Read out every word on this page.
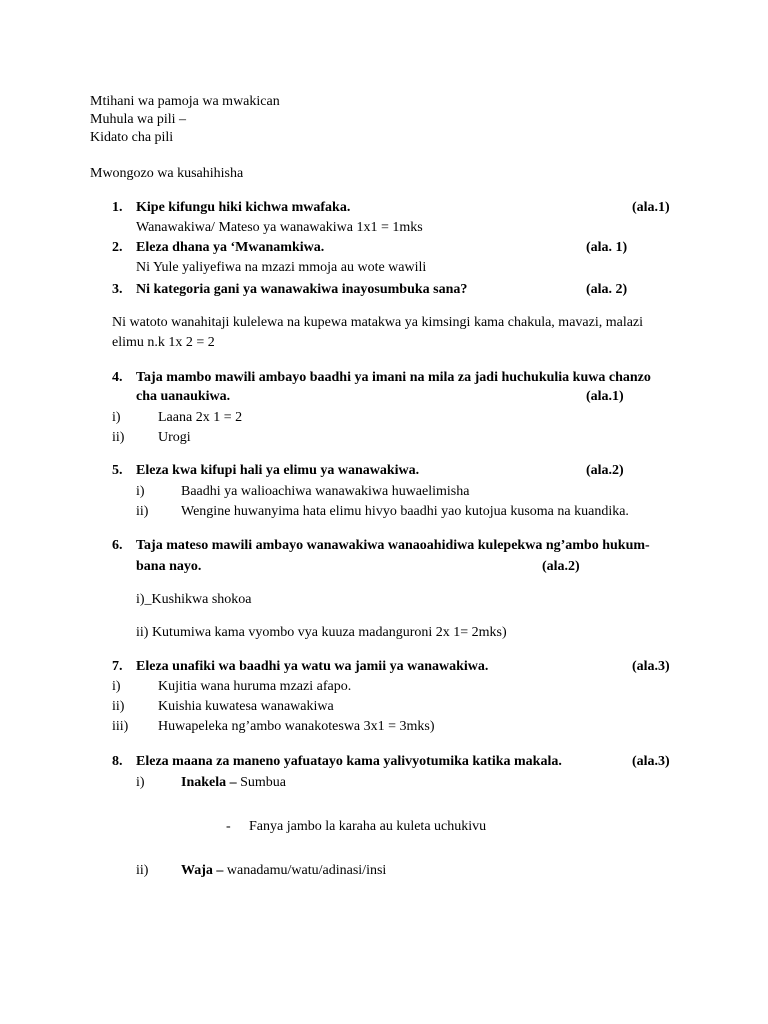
Mtihani wa pamoja wa mwakican
Muhula wa pili –
Kidato cha pili
Mwongozo wa kusahihisha
1. Kipe kifungu hiki kichwa mwafaka.	(ala.1)
Wanawakiwa/ Mateso ya wanawakiwa 1x1 = 1mks
2. Eleza dhana ya ‘Mwanamkiwa.	(ala. 1)
Ni Yule yaliyefiwa na mzazi mmoja au wote wawili
3. Ni kategoria gani ya wanawakiwa inayosumbuka sana?	(ala. 2)
Ni watoto wanahitaji kulelewa na kupewa matakwa ya kimsingi kama chakula, mavazi, malazi
elimu n.k 1x 2 = 2
4. Taja mambo mawili ambayo baadhi ya imani na mila za jadi huchukulia kuwa chanzo
cha uanaukiwa.	(ala.1)
i)	Laana 2x 1 = 2
ii) Urogi
5. Eleza kwa kifupi hali ya elimu ya wanawakiwa.	(ala.2)
i)	Baadhi ya walioachiwa wanawakiwa huwaelimisha
ii) Wengine huwanyima hata elimu hivyo baadhi yao kutojua kusoma na kuandika.
6. Taja mateso mawili ambayo wanawakiwa wanaoahidiwa kulepekwa ng’ambo hukum-
bana nayo.	(ala.2)
i)_Kushikwa shokoa
ii) Kutumiwa kama vyombo vya kuuza madanguroni 2x 1= 2mks)
7. Eleza unafiki wa baadhi ya watu wa jamii ya wanawakiwa.	(ala.3)
i)	Kujitia wana huruma mzazi afapo.
ii) Kuishia kuwatesa wanawakiwa
iii) Huwapeleka ng’ambo wanakoteswa 3x1 = 3mks)
8. Eleza maana za maneno yafuatayo kama yalivyotumika katika makala.	(ala.3)
i)	Inakela – Sumbua
- Fanya jambo la karaha au kuleta uchukivu
ii) Waja – wanadamu/watu/adinasi/insi
